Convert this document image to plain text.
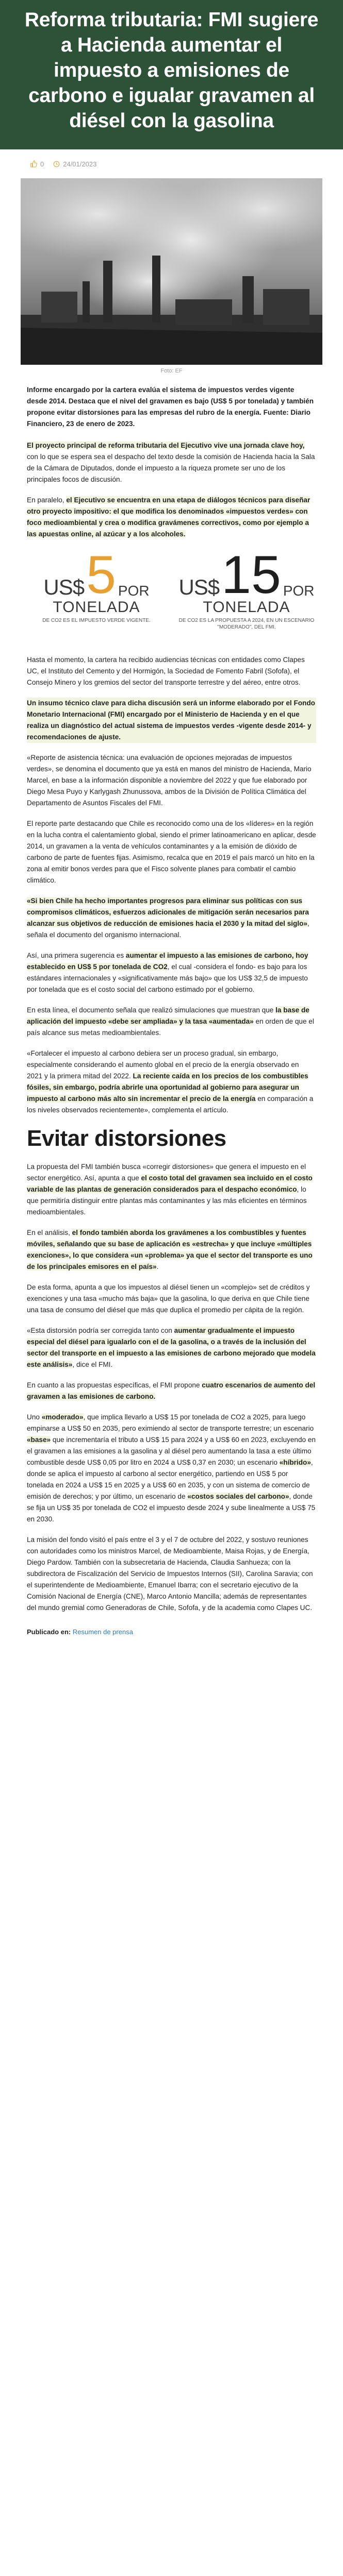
Reforma tributaria: FMI sugiere a Hacienda aumentar el impuesto a emisiones de carbono e igualar gravamen al diésel con la gasolina
0	24/01/2023
Foto: EF

Informe encargado por la cartera evalúa el sistema de impuestos verdes vigente desde 2014. Destaca que el nivel del gravamen es bajo (US$ 5 por tonelada) y también propone evitar distorsiones para las empresas del rubro de la energía. Fuente: Diario Financiero, 23 de enero de 2023.

El proyecto principal de reforma tributaria del Ejecutivo vive una jornada clave hoy, con lo que se espera sea el despacho del texto desde la comisión de Hacienda hacia la Sala de la Cámara de Diputados, donde el impuesto a la riqueza promete ser uno de los principales focos de discusión.

En paralelo, el Ejecutivo se encuentra en una etapa de diálogos técnicos para diseñar otro proyecto impositivo: el que modifica los denominados «impuestos verdes» con foco medioambiental y crea o modifica gravámenes correctivos, como por ejemplo a las apuestas online, al azúcar y a los alcoholes.

US$ 5 POR
TONELADA
DE CO2 ES EL IMPUESTO VERDE VIGENTE.
US$ 15 POR
TONELADA
DE CO2 ES LA PROPUESTA A 2024, EN UN ESCENARIO "MODERADO", DEL FMI.

Hasta el momento, la cartera ha recibido audiencias técnicas con entidades como Clapes UC, el Instituto del Cemento y del Hormigón, la Sociedad de Fomento Fabril (Sofofa), el Consejo Minero y los gremios del sector del transporte terrestre y del aéreo, entre otros.

Un insumo técnico clave para dicha discusión será un informe elaborado por el Fondo Monetario Internacional (FMI) encargado por el Ministerio de Hacienda y en el que realiza un diagnóstico del actual sistema de impuestos verdes -vigente desde 2014- y recomendaciones de ajuste.

«Reporte de asistencia técnica: una evaluación de opciones mejoradas de impuestos verdes», se denomina el documento que ya está en manos del ministro de Hacienda, Mario Marcel, en base a la información disponible a noviembre del 2022 y que fue elaborado por Diego Mesa Puyo y Karlygash Zhunussova, ambos de la División de Política Climática del Departamento de Asuntos Fiscales del FMI.

El reporte parte destacando que Chile es reconocido como una de los «líderes» en la región en la lucha contra el calentamiento global, siendo el primer latinoamericano en aplicar, desde 2014, un gravamen a la venta de vehículos contaminantes y a la emisión de dióxido de carbono de parte de fuentes fijas. Asimismo, recalca que en 2019 el país marcó un hito en la zona al emitir bonos verdes para que el Fisco solvente planes para combatir el cambio climático.

«Si bien Chile ha hecho importantes progresos para eliminar sus políticas con sus compromisos climáticos, esfuerzos adicionales de mitigación serán necesarios para alcanzar sus objetivos de reducción de emisiones hacia el 2030 y la mitad del siglo», señala el documento del organismo internacional.

Así, una primera sugerencia es aumentar el impuesto a las emisiones de carbono, hoy establecido en US$ 5 por tonelada de CO2, el cual -considera el fondo- es bajo para los estándares internacionales y «significativamente más bajo» que los US$ 32,5 de impuesto por tonelada que es el costo social del carbono estimado por el gobierno.

En esta línea, el documento señala que realizó simulaciones que muestran que la base de aplicación del impuesto «debe ser ampliada» y la tasa «aumentada» en orden de que el país alcance sus metas medioambientales.

«Fortalecer el impuesto al carbono debiera ser un proceso gradual, sin embargo, especialmente considerando el aumento global en el precio de la energía observado en 2021 y la primera mitad del 2022. La reciente caída en los precios de los combustibles fósiles, sin embargo, podría abrirle una oportunidad al gobierno para asegurar un impuesto al carbono más alto sin incrementar el precio de la energía en comparación a los niveles observados recientemente», complementa el artículo.

Evitar distorsiones

La propuesta del FMI también busca «corregir distorsiones» que genera el impuesto en el sector energético. Así, apunta a que el costo total del gravamen sea incluido en el costo variable de las plantas de generación considerados para el despacho económico, lo que permitiría distinguir entre plantas más contaminantes y las más eficientes en términos medioambientales.

En el análisis, el fondo también aborda los gravámenes a los combustibles y fuentes móviles, señalando que su base de aplicación es «estrecha» y que incluye «múltiples exenciones», lo que considera «un «problema» ya que el sector del transporte es uno de los principales emisores en el país».

De esta forma, apunta a que los impuestos al diésel tienen un «complejo» set de créditos y exenciones y una tasa «mucho más baja» que la gasolina, lo que deriva en que Chile tiene una tasa de consumo del diésel que más que duplica el promedio per cápita de la región.

«Esta distorsión podría ser corregida tanto con aumentar gradualmente el impuesto especial del diésel para igualarlo con el de la gasolina, o a través de la inclusión del sector del transporte en el impuesto a las emisiones de carbono mejorado que modela este análisis», dice el FMI.

En cuanto a las propuestas específicas, el FMI propone cuatro escenarios de aumento del gravamen a las emisiones de carbono.

Uno «moderado», que implica llevarlo a US$ 15 por tonelada de CO2 a 2025, para luego empinarse a US$ 50 en 2035, pero eximiendo al sector de transporte terrestre; un escenario «base» que incrementaría el tributo a US$ 15 para 2024 y a US$ 60 en 2023, excluyendo en el gravamen a las emisiones a la gasolina y al diésel pero aumentando la tasa a este último combustible desde US$ 0,05 por litro en 2024 a US$ 0,37 en 2030; un escenario «híbrido», donde se aplica el impuesto al carbono al sector energético, partiendo en US$ 5 por tonelada en 2024 a US$ 15 en 2025 y a US$ 60 en 2035, y con un sistema de comercio de emisión de derechos; y por último, un escenario de «costos sociales del carbono», donde se fija un US$ 35 por tonelada de CO2 el impuesto desde 2024 y sube linealmente a US$ 75 en 2030.

La misión del fondo visitó el país entre el 3 y el 7 de octubre del 2022, y sostuvo reuniones con autoridades como los ministros Marcel, de Medioambiente, Maisa Rojas, y de Energía, Diego Pardow. También con la subsecretaria de Hacienda, Claudia Sanhueza; con la subdirectora de Fiscalización del Servicio de Impuestos Internos (SII), Carolina Saravia; con el superintendente de Medioambiente, Emanuel Ibarra; con el secretario ejecutivo de la Comisión Nacional de Energía (CNE), Marco Antonio Mancilla; además de representantes del mundo gremial como Generadoras de Chile, Sofofa, y de la academia como Clapes UC.

Publicado en: Resumen de prensa
